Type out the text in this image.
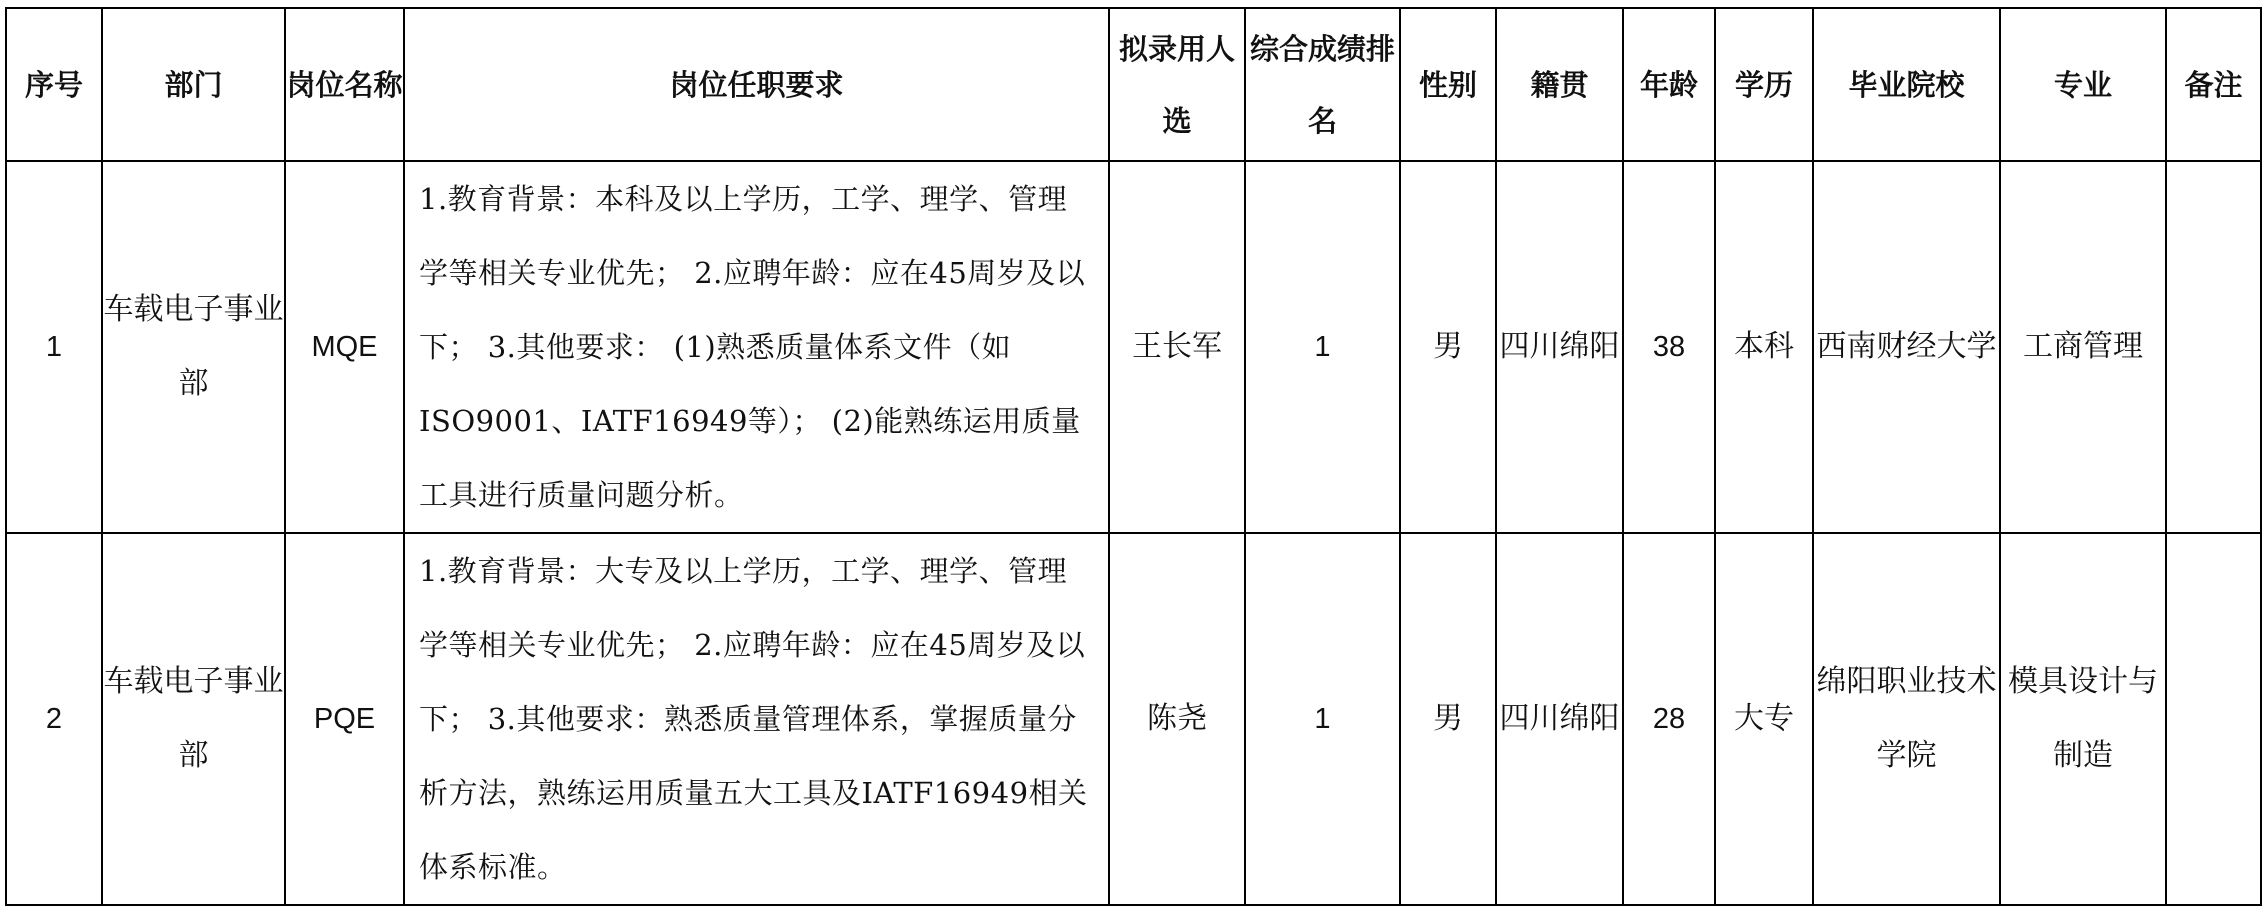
序号	部门	岗位名称	岗位任职要求	拟录用人选	综合成绩排名	性别	籍贯	年龄	学历	毕业院校	专业	备注
1	车载电子事业部	MQE	1.教育背景：本科及以上学历，工学、理学、管理学等相关专业优先； 2.应聘年龄：应在45周岁及以下； 3.其他要求： (1)熟悉质量体系文件（如ISO9001、IATF16949等）； (2)能熟练运用质量工具进行质量问题分析。	王长军	1	男	四川绵阳	38	本科	西南财经大学	工商管理	
2	车载电子事业部	PQE	1.教育背景：大专及以上学历，工学、理学、管理学等相关专业优先； 2.应聘年龄：应在45周岁及以下； 3.其他要求：熟悉质量管理体系，掌握质量分析方法，熟练运用质量五大工具及IATF16949相关体系标准。	陈尧	1	男	四川绵阳	28	大专	绵阳职业技术学院	模具设计与制造	
